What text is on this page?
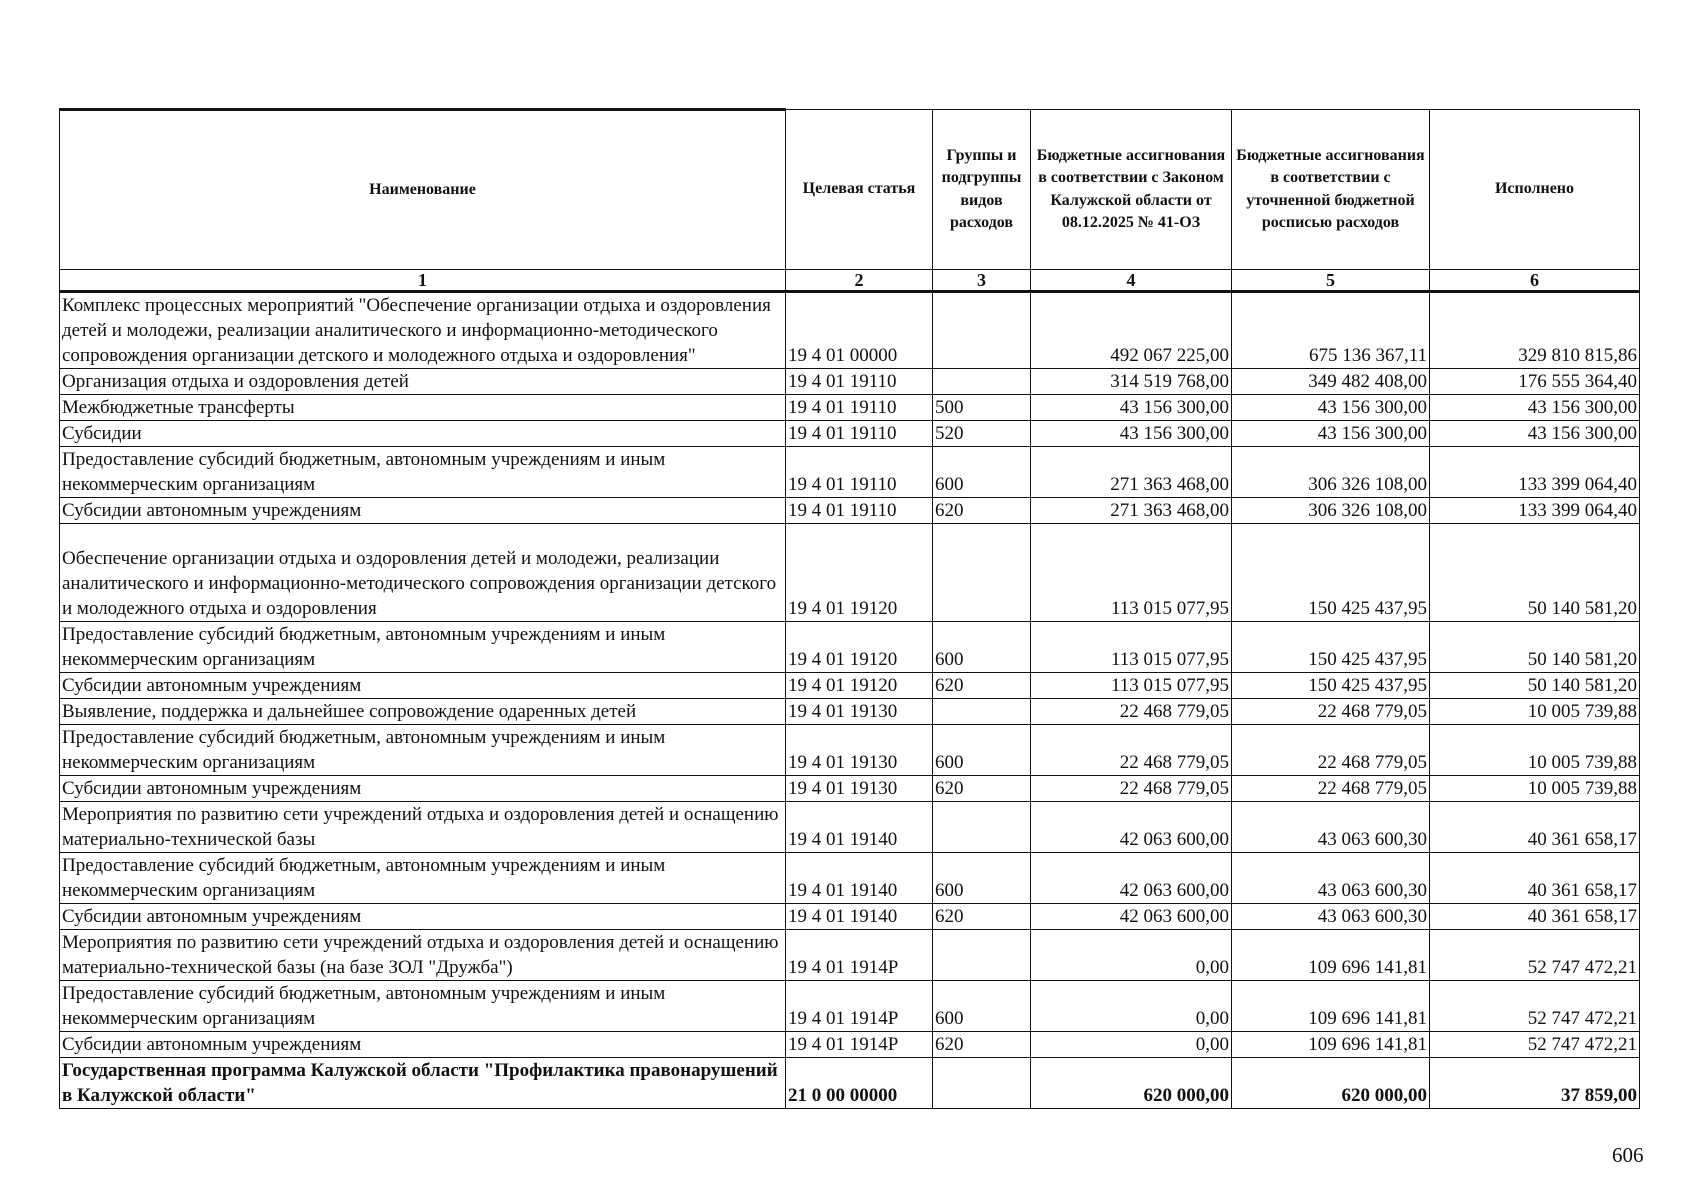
Наименование	Целевая статья	Группы и подгруппы видов расходов	Бюджетные ассигнования в соответствии с Законом Калужской области от 08.12.2025 № 41-ОЗ	Бюджетные ассигнования в соответствии с уточненной бюджетной росписью расходов	Исполнено
1	2	3	4	5	6
Комплекс процессных мероприятий "Обеспечение организации отдыха и оздоровления детей и молодежи, реализации аналитического и информационно-методического сопровождения организации детского и молодежного отдыха и оздоровления"	19 4 01 00000		492 067 225,00	675 136 367,11	329 810 815,86
Организация отдыха и оздоровления детей	19 4 01 19110		314 519 768,00	349 482 408,00	176 555 364,40
Межбюджетные трансферты	19 4 01 19110	500	43 156 300,00	43 156 300,00	43 156 300,00
Субсидии	19 4 01 19110	520	43 156 300,00	43 156 300,00	43 156 300,00
Предоставление субсидий бюджетным, автономным учреждениям и иным некоммерческим организациям	19 4 01 19110	600	271 363 468,00	306 326 108,00	133 399 064,40
Субсидии автономным учреждениям	19 4 01 19110	620	271 363 468,00	306 326 108,00	133 399 064,40
Обеспечение организации отдыха и оздоровления детей и молодежи, реализации аналитического и информационно-методического сопровождения организации детского и молодежного отдыха и оздоровления	19 4 01 19120		113 015 077,95	150 425 437,95	50 140 581,20
Предоставление субсидий бюджетным, автономным учреждениям и иным некоммерческим организациям	19 4 01 19120	600	113 015 077,95	150 425 437,95	50 140 581,20
Субсидии автономным учреждениям	19 4 01 19120	620	113 015 077,95	150 425 437,95	50 140 581,20
Выявление, поддержка и дальнейшее сопровождение одаренных детей	19 4 01 19130		22 468 779,05	22 468 779,05	10 005 739,88
Предоставление субсидий бюджетным, автономным учреждениям и иным некоммерческим организациям	19 4 01 19130	600	22 468 779,05	22 468 779,05	10 005 739,88
Субсидии автономным учреждениям	19 4 01 19130	620	22 468 779,05	22 468 779,05	10 005 739,88
Мероприятия по развитию сети учреждений отдыха и оздоровления детей и оснащению материально-технической базы	19 4 01 19140		42 063 600,00	43 063 600,30	40 361 658,17
Предоставление субсидий бюджетным, автономным учреждениям и иным некоммерческим организациям	19 4 01 19140	600	42 063 600,00	43 063 600,30	40 361 658,17
Субсидии автономным учреждениям	19 4 01 19140	620	42 063 600,00	43 063 600,30	40 361 658,17
Мероприятия по развитию сети учреждений отдыха и оздоровления детей и оснащению материально-технической базы (на базе ЗОЛ "Дружба")	19 4 01 1914Р		0,00	109 696 141,81	52 747 472,21
Предоставление субсидий бюджетным, автономным учреждениям и иным некоммерческим организациям	19 4 01 1914Р	600	0,00	109 696 141,81	52 747 472,21
Субсидии автономным учреждениям	19 4 01 1914Р	620	0,00	109 696 141,81	52 747 472,21
Государственная программа Калужской области "Профилактика правонарушений в Калужской области"	21 0 00 00000		620 000,00	620 000,00	37 859,00
606
